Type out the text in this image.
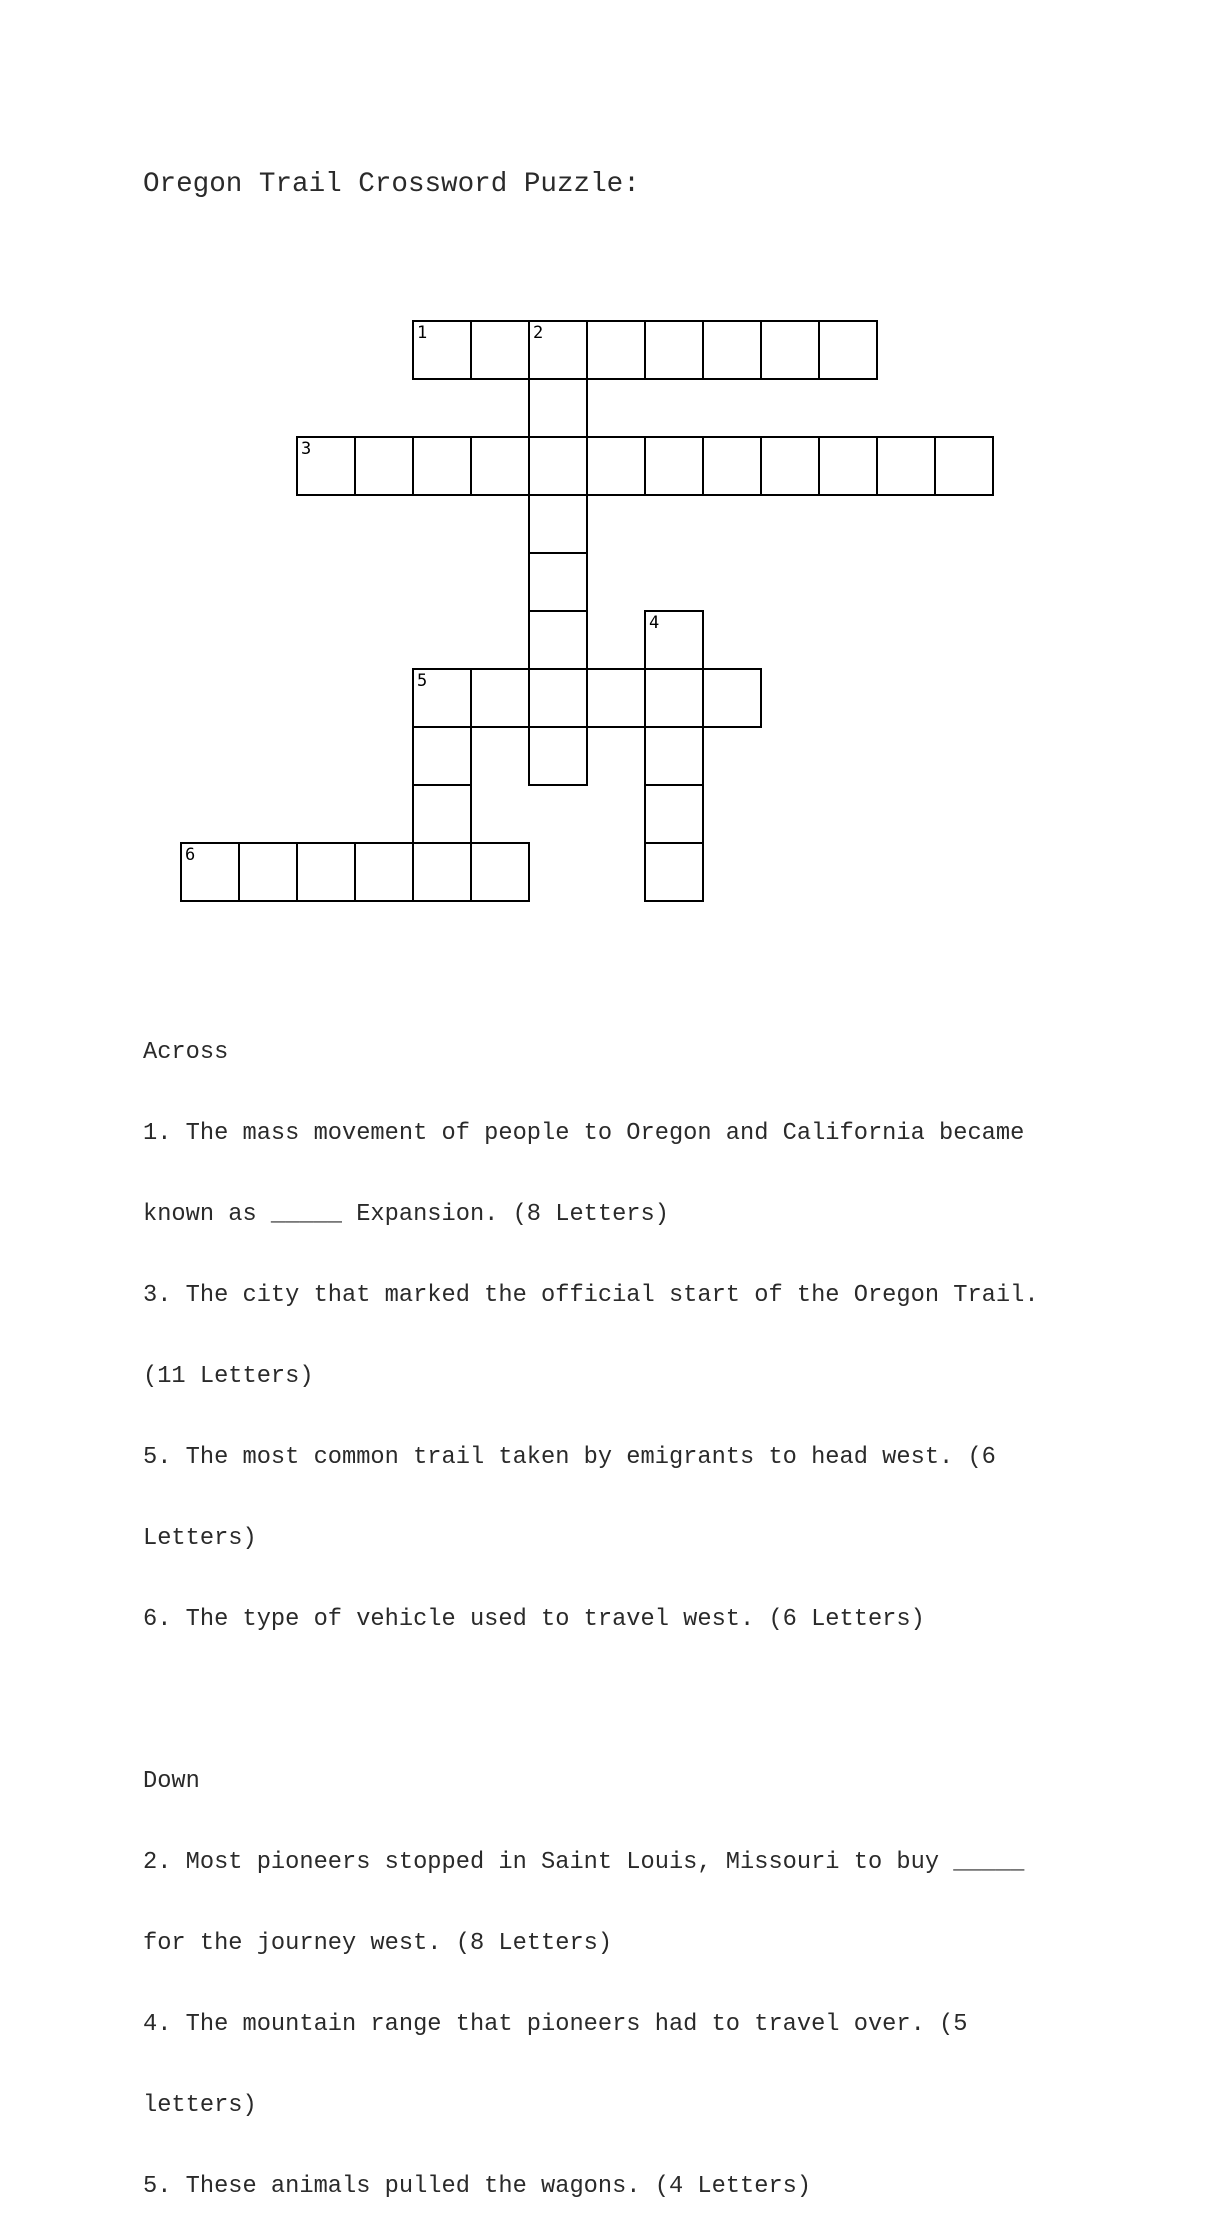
Oregon Trail Crossword Puzzle:
1	2
3
4
5
6

Across

1. The mass movement of people to Oregon and California became

known as _____ Expansion. (8 Letters)

3. The city that marked the official start of the Oregon Trail.

(11 Letters)

5. The most common trail taken by emigrants to head west. (6

Letters)

6. The type of vehicle used to travel west. (6 Letters)

Down

2. Most pioneers stopped in Saint Louis, Missouri to buy _____

for the journey west. (8 Letters)

4. The mountain range that pioneers had to travel over. (5

letters)

5. These animals pulled the wagons. (4 Letters)
